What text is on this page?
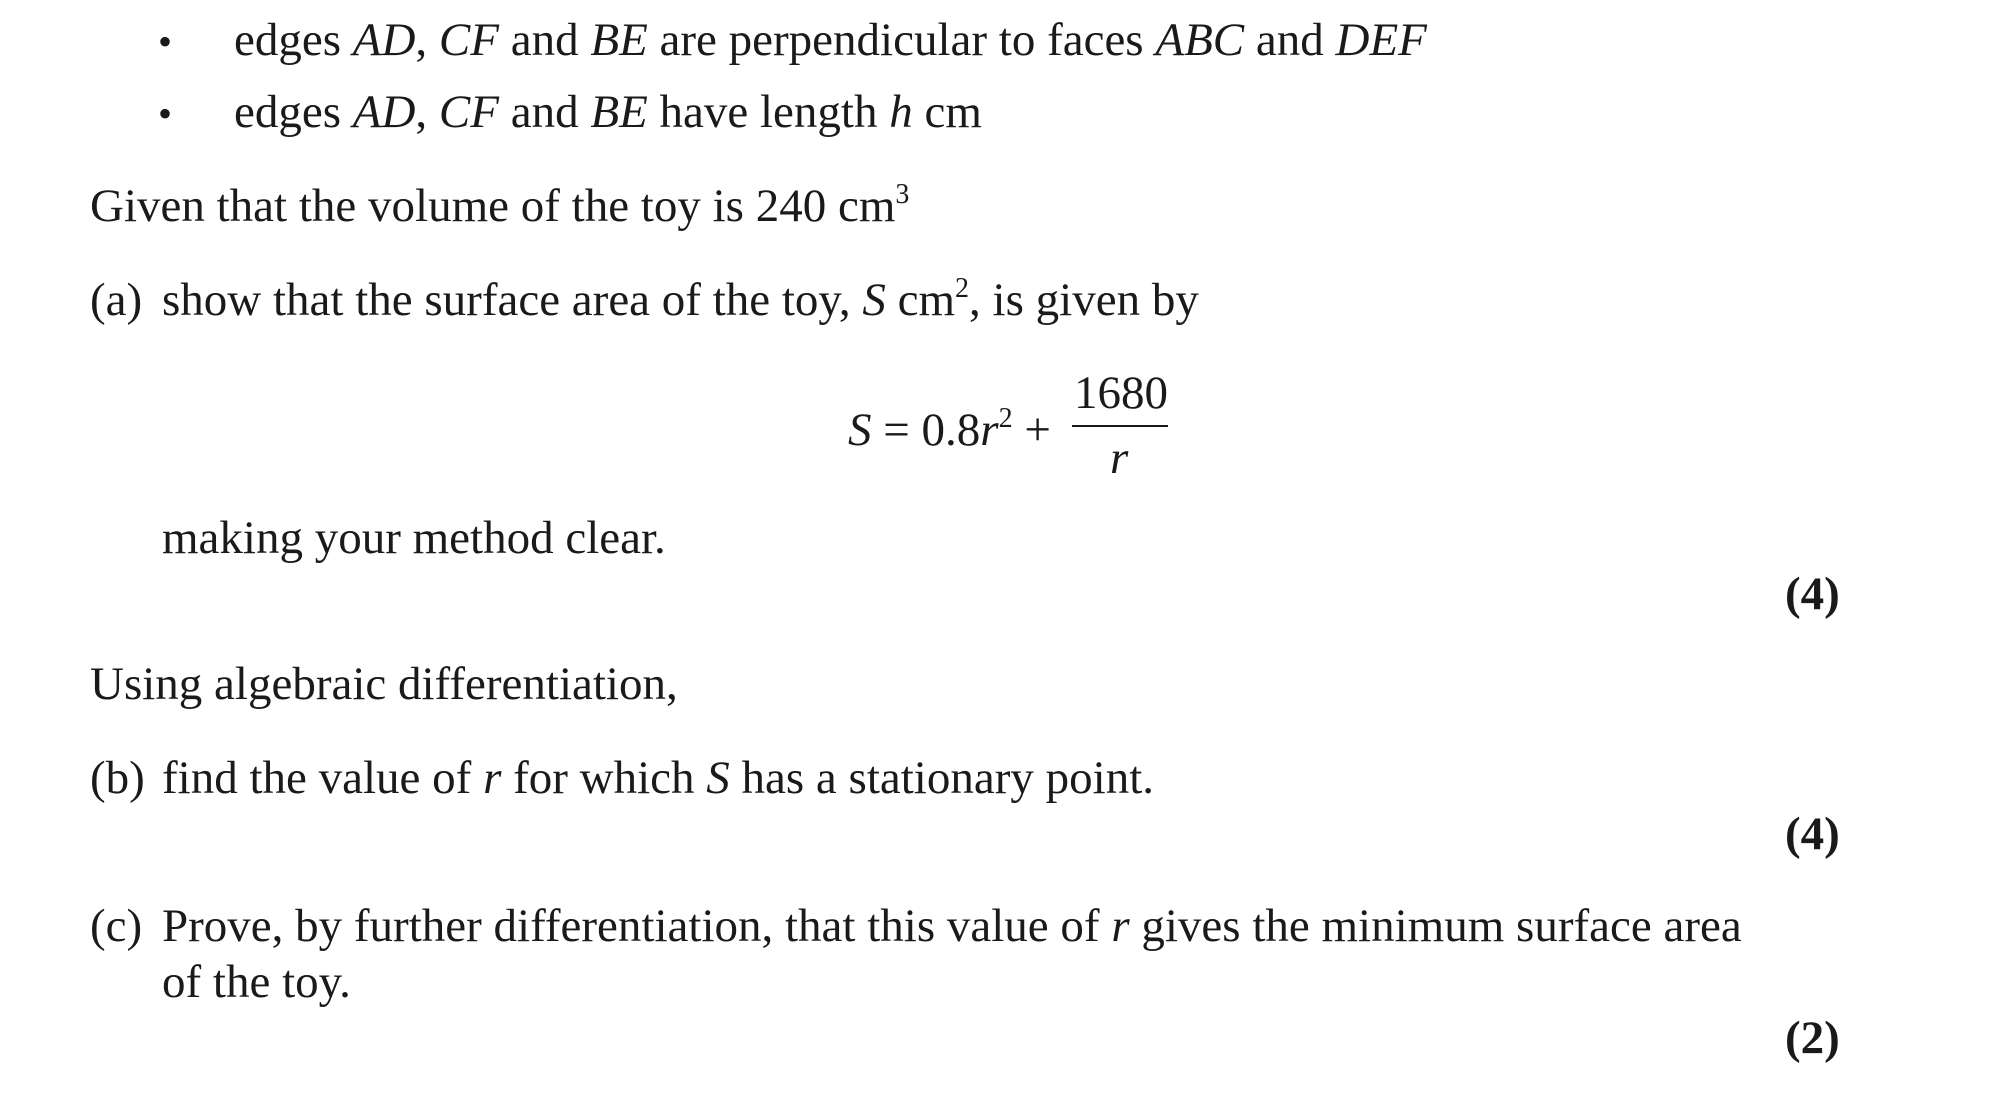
• edges AD, CF and BE are perpendicular to faces ABC and DEF
• edges AD, CF and BE have length h cm
Given that the volume of the toy is 240 $cm^3$
(a) show that the surface area of the toy, S $cm^2$, is given by
$S = 0.8r^2$ +
1680
r
making your method clear.
(4)
Using algebraic differentiation,
(b) find the value of r for which S has a stationary point.
(4)
(c) Prove, by further differentiation, that this value of r gives the minimum surface area
of the toy.
(2)
